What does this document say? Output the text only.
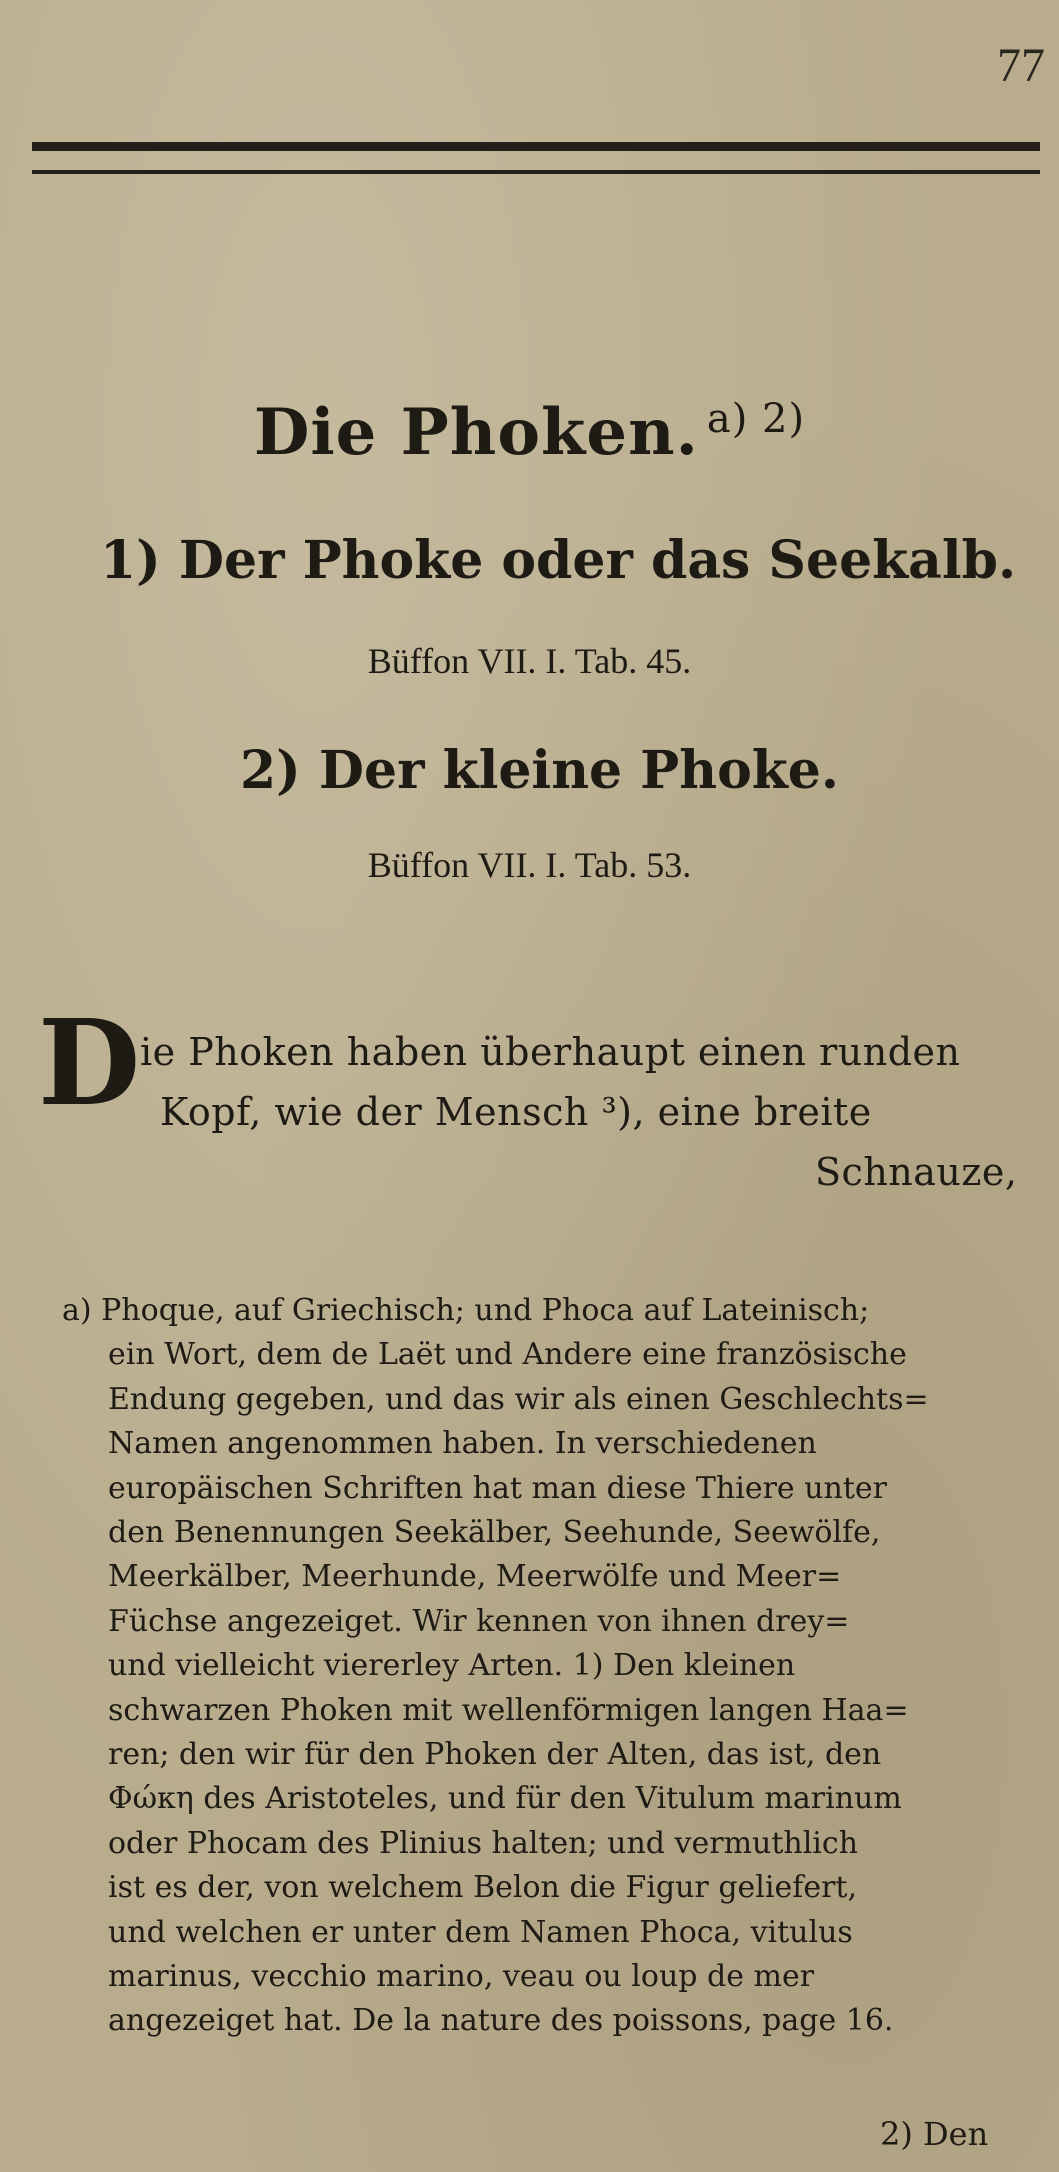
77
Die Phoken. $^{a) 2)}$
1) Der Phoke oder das Seekalb.
Büffon VII. I. Tab. 45.
2) Der kleine Phoke.
Büffon VII. I. Tab. 53.
D ie Phoken haben überhaupt einen runden
Kopf, wie der Mensch ³), eine breite
Schnauze,
a) Phoque, auf Griechisch; und Phoca auf Lateinisch;
ein Wort, dem de Laët und Andere eine französische
Endung gegeben, und das wir als einen Geschlechts=
Namen angenommen haben. In verschiedenen
europäischen Schriften hat man diese Thiere unter
den Benennungen Seekälber, Seehunde, Seewölfe,
Meerkälber, Meerhunde, Meerwölfe und Meer=
Füchse angezeiget. Wir kennen von ihnen drey=
und vielleicht viererley Arten. 1) Den kleinen
schwarzen Phoken mit wellenförmigen langen Haa=
ren; den wir für den Phoken der Alten, das ist, den
Φώκη des Aristoteles, und für den Vitulum marinum
oder Phocam des Plinius halten; und vermuthlich
ist es der, von welchem Belon die Figur geliefert,
und welchen er unter dem Namen Phoca, vitulus
marinus, vecchio marino, veau ou loup de mer
angezeiget hat. De la nature des poissons, page 16.
2) Den
